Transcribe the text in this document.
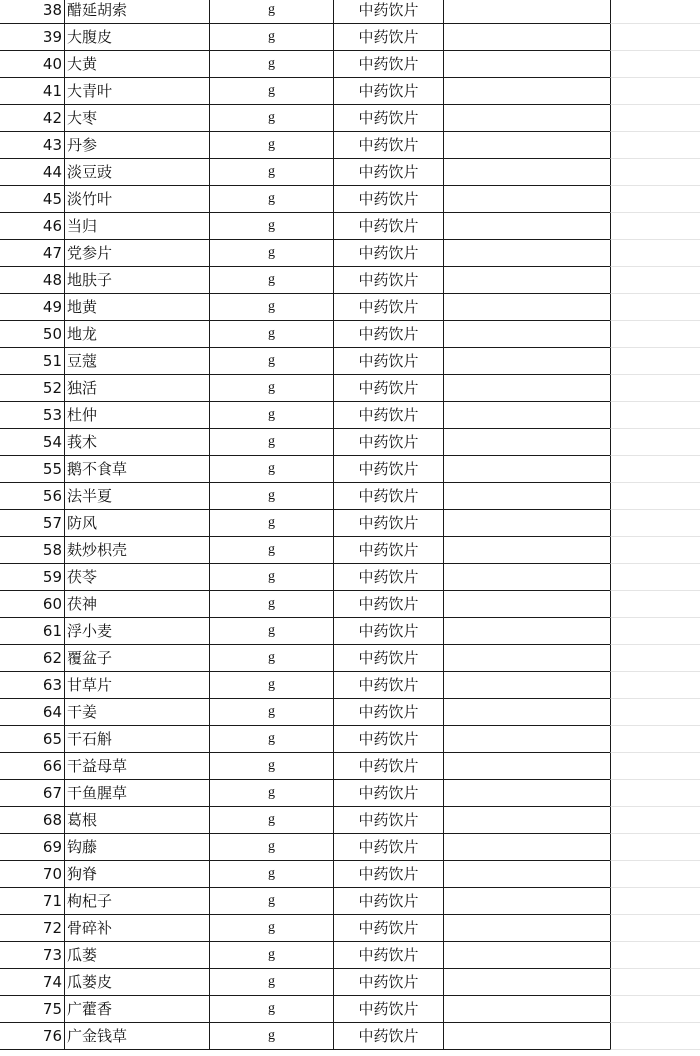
38 醋延胡索	g	中药饮片
39 大腹皮	g	中药饮片
40 大黄	g	中药饮片
41 大青叶	g	中药饮片
42 大枣	g	中药饮片
43 丹参	g	中药饮片
44 淡豆豉	g	中药饮片
45 淡竹叶	g	中药饮片
46 当归	g	中药饮片
47 党参片	g	中药饮片
48 地肤子	g	中药饮片
49 地黄	g	中药饮片
50 地龙	g	中药饮片
51 豆蔻	g	中药饮片
52 独活	g	中药饮片
53 杜仲	g	中药饮片
54 莪术	g	中药饮片
55 鹅不食草	g	中药饮片
56 法半夏	g	中药饮片
57 防风	g	中药饮片
58 麸炒枳壳	g	中药饮片
59 茯苓	g	中药饮片
60 茯神	g	中药饮片
61 浮小麦	g	中药饮片
62 覆盆子	g	中药饮片
63 甘草片	g	中药饮片
64 干姜	g	中药饮片
65 干石斛	g	中药饮片
66 干益母草	g	中药饮片
67 干鱼腥草	g	中药饮片
68 葛根	g	中药饮片
69 钩藤	g	中药饮片
70 狗脊	g	中药饮片
71 枸杞子	g	中药饮片
72 骨碎补	g	中药饮片
73 瓜蒌	g	中药饮片
74 瓜蒌皮	g	中药饮片
75 广藿香	g	中药饮片
76 广金钱草	g	中药饮片
